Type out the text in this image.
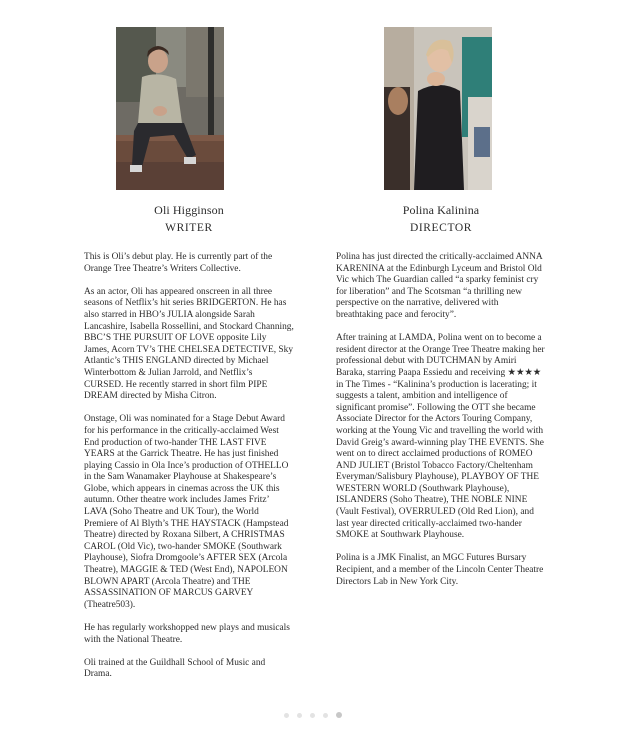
Oli Higginson
WRITER

This is Oli’s debut play. He is currently part of the Orange Tree Theatre’s Writers Collective.

As an actor, Oli has appeared onscreen in all three seasons of Netflix’s hit series BRIDGERTON. He has also starred in HBO’s JULIA alongside Sarah Lancashire, Isabella Rossellini, and Stockard Channing, BBC’S THE PURSUIT OF LOVE opposite Lily James, Acorn TV’s THE CHELSEA DETECTIVE, Sky Atlantic’s THIS ENGLAND directed by Michael Winterbottom & Julian Jarrold, and Netflix’s CURSED. He recently starred in short film PIPE DREAM directed by Misha Citron.

Onstage, Oli was nominated for a Stage Debut Award for his performance in the critically-acclaimed West End production of two-hander THE LAST FIVE YEARS at the Garrick Theatre. He has just finished playing Cassio in Ola Ince’s production of OTHELLO in the Sam Wanamaker Playhouse at Shakespeare’s Globe, which appears in cinemas across the UK this autumn. Other theatre work includes James Fritz’ LAVA (Soho Theatre and UK Tour), the World Premiere of Al Blyth’s THE HAYSTACK (Hampstead Theatre) directed by Roxana Silbert, A CHRISTMAS CAROL (Old Vic), two-hander SMOKE (Southwark Playhouse), Siofra Dromgoole’s AFTER SEX (Arcola Theatre), MAGGIE & TED (West End), NAPOLEON BLOWN APART (Arcola Theatre) and THE ASSASSINATION OF MARCUS GARVEY (Theatre503).

He has regularly workshopped new plays and musicals with the National Theatre.

Oli trained at the Guildhall School of Music and Drama.

Polina Kalinina
DIRECTOR

Polina has just directed the critically-acclaimed ANNA KARENINA at the Edinburgh Lyceum and Bristol Old Vic which The Guardian called “a sparky feminist cry for liberation” and The Scotsman “a thrilling new perspective on the narrative, delivered with breathtaking pace and ferocity”.

After training at LAMDA, Polina went on to become a resident director at the Orange Tree Theatre making her professional debut with DUTCHMAN by Amiri Baraka, starring Paapa Essiedu and receiving ★★★★ in The Times - “Kalinina’s production is lacerating; it suggests a talent, ambition and intelligence of significant promise”. Following the OTT she became Associate Director for the Actors Touring Company, working at the Young Vic and travelling the world with David Greig’s award-winning play THE EVENTS. She went on to direct acclaimed productions of ROMEO AND JULIET (Bristol Tobacco Factory/Cheltenham Everyman/Salisbury Playhouse), PLAYBOY OF THE WESTERN WORLD (Southwark Playhouse), ISLANDERS (Soho Theatre), THE NOBLE NINE (Vault Festival), OVERRULED (Old Red Lion), and last year directed critically-acclaimed two-hander SMOKE at Southwark Playhouse.

Polina is a JMK Finalist, an MGC Futures Bursary Recipient, and a member of the Lincoln Center Theatre Directors Lab in New York City.
